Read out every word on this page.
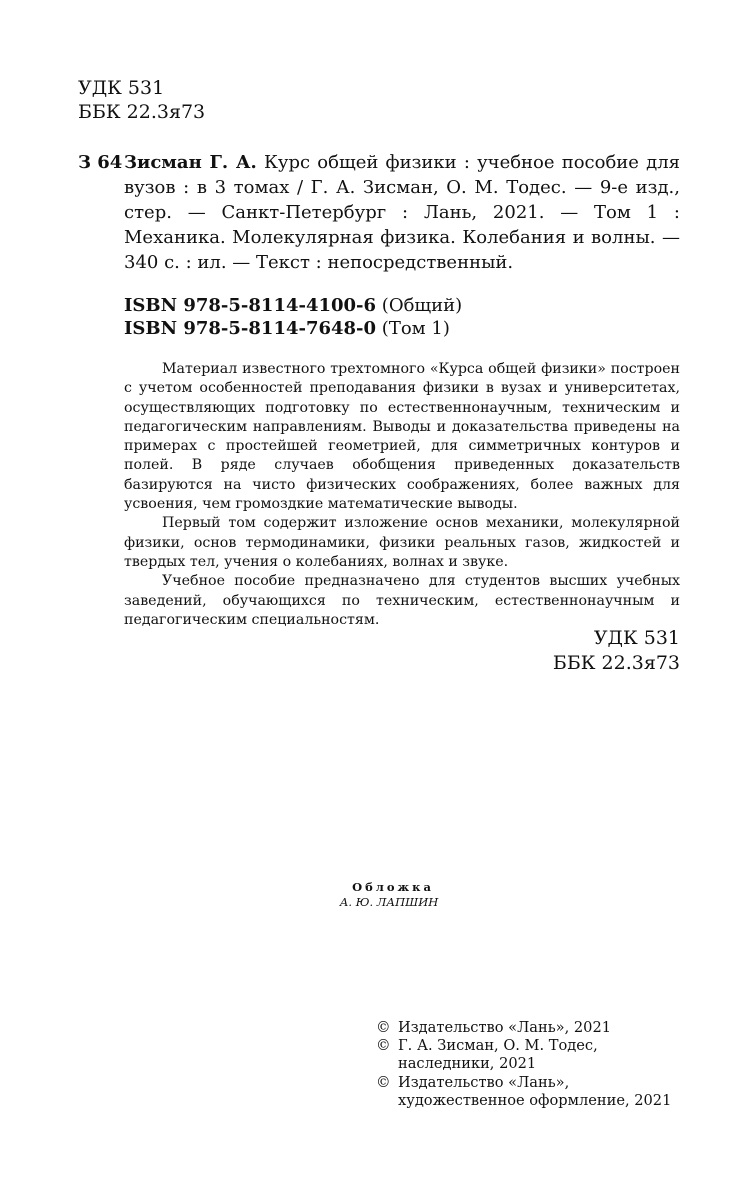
УДК 531
ББК 22.3я73
З 64 Зисман Г. А. Курс общей физики : учебное пособие для вузов : в 3 томах / Г. А. Зисман, О. М. Тодес. — 9-е изд., стер. — Санкт-Петербург : Лань, 2021. — Том 1 : Механика. Молекулярная физика. Колебания и волны. — 340 с. : ил. — Текст : непосредственный.
ISBN 978-5-8114-4100-6 (Общий)
ISBN 978-5-8114-7648-0 (Том 1)

Материал известного трехтомного «Курса общей физики» построен с учетом особенностей преподавания физики в вузах и университетах, осуществляющих подготовку по естественнонаучным, техническим и педагогическим направлениям. Выводы и доказательства приведены на примерах с простейшей геометрией, для симметричных контуров и полей. В ряде случаев обобщения приведенных доказательств базируются на чисто физических соображениях, более важных для усвоения, чем громоздкие математические выводы.

Первый том содержит изложение основ механики, молекулярной физики, основ термодинамики, физики реальных газов, жидкостей и твердых тел, учения о колебаниях, волнах и звуке.

Учебное пособие предназначено для студентов высших учебных заведений, обучающихся по техническим, естественнонаучным и педагогическим специальностям.

УДК 531
ББК 22.3я73
Обложка
А. Ю. ЛАПШИН
© Издательство «Лань», 2021
© Г. А. Зисман, О. М. Тодес,
наследники, 2021
© Издательство «Лань»,
художественное оформление, 2021
